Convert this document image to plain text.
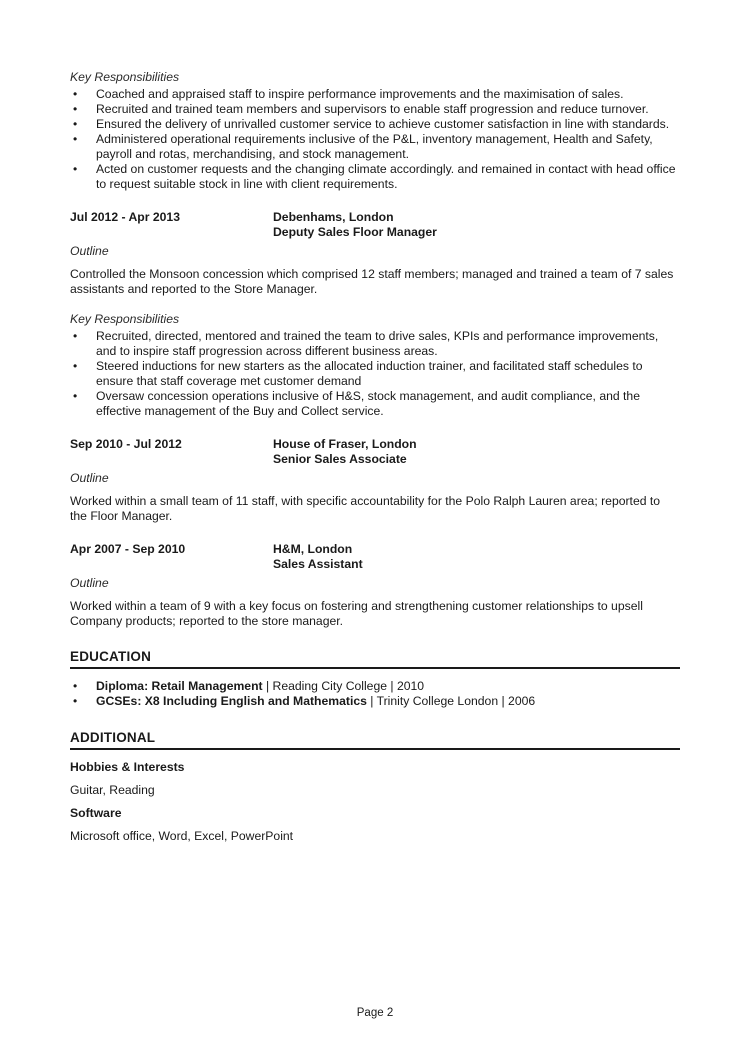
Key Responsibilities
• Coached and appraised staff to inspire performance improvements and the maximisation of sales.
• Recruited and trained team members and supervisors to enable staff progression and reduce turnover.
• Ensured the delivery of unrivalled customer service to achieve customer satisfaction in line with standards.
• Administered operational requirements inclusive of the P&L, inventory management, Health and Safety, payroll and rotas, merchandising, and stock management.
• Acted on customer requests and the changing climate accordingly. and remained in contact with head office to request suitable stock in line with client requirements.
Jul 2012 - Apr 2013	Debenhams, London
Deputy Sales Floor Manager
Outline

Controlled the Monsoon concession which comprised 12 staff members; managed and trained a team of 7 sales assistants and reported to the Store Manager.

Key Responsibilities
• Recruited, directed, mentored and trained the team to drive sales, KPIs and performance improvements, and to inspire staff progression across different business areas.
• Steered inductions for new starters as the allocated induction trainer, and facilitated staff schedules to ensure that staff coverage met customer demand
• Oversaw concession operations inclusive of H&S, stock management, and audit compliance, and the effective management of the Buy and Collect service.
Sep 2010 - Jul 2012	House of Fraser, London
Senior Sales Associate
Outline

Worked within a small team of 11 staff, with specific accountability for the Polo Ralph Lauren area; reported to the Floor Manager.

Apr 2007 - Sep 2010	H&M, London
Sales Assistant
Outline

Worked within a team of 9 with a key focus on fostering and strengthening customer relationships to upsell Company products; reported to the store manager.

EDUCATION
• Diploma: Retail Management | Reading City College | 2010
• GCSEs: X8 Including English and Mathematics | Trinity College London | 2006
ADDITIONAL
Hobbies & Interests
Guitar, Reading
Software
Microsoft office, Word, Excel, PowerPoint
Page 2
